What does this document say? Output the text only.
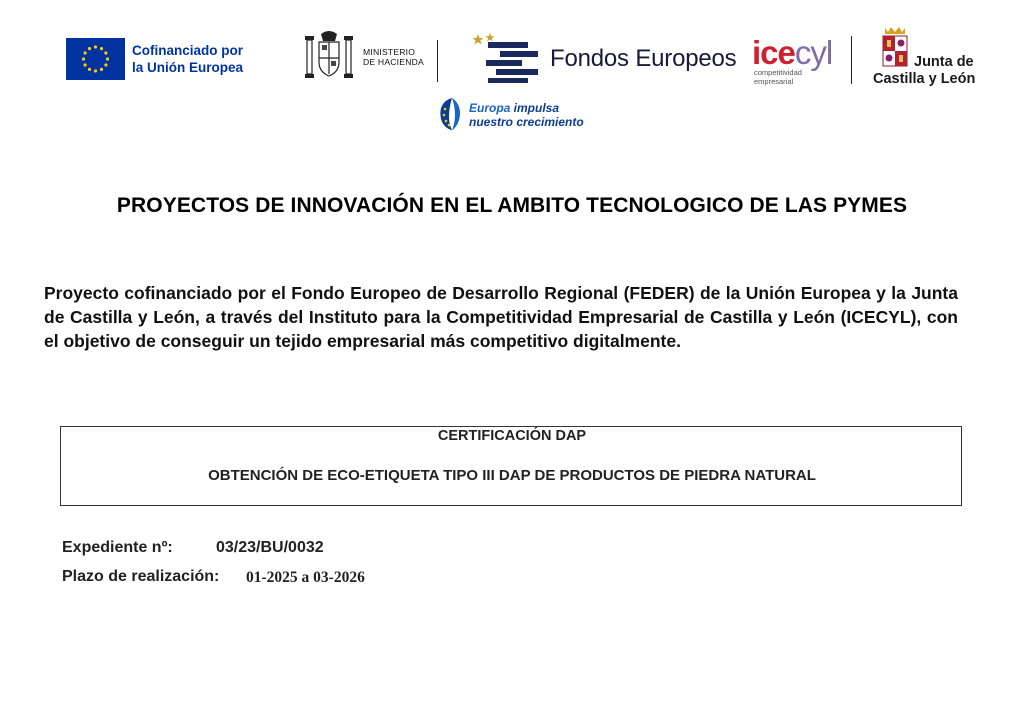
Cofinanciado por
la Unión Europea
MINISTERIO
DE HACIENDA	Fondos Europeos icecyl
competitividad
empresarial
Junta de
Castilla y León
Europa impulsa
nuestro crecimiento
PROYECTOS DE INNOVACIÓN EN EL AMBITO TECNOLOGICO DE LAS PYMES
Proyecto cofinanciado por el Fondo Europeo de Desarrollo Regional (FEDER) de la Unión Europea y la Junta de Castilla y León, a través del Instituto para la Competitividad Empresarial de Castilla y León (ICECYL), con el objetivo de conseguir un tejido empresarial más competitivo digitalmente.
CERTIFICACIÓN DAP
OBTENCIÓN DE ECO-ETIQUETA TIPO III DAP DE PRODUCTOS DE PIEDRA NATURAL
Expediente nº:	03/23/BU/0032
Plazo de realización: 01-2025 a 03-2026
